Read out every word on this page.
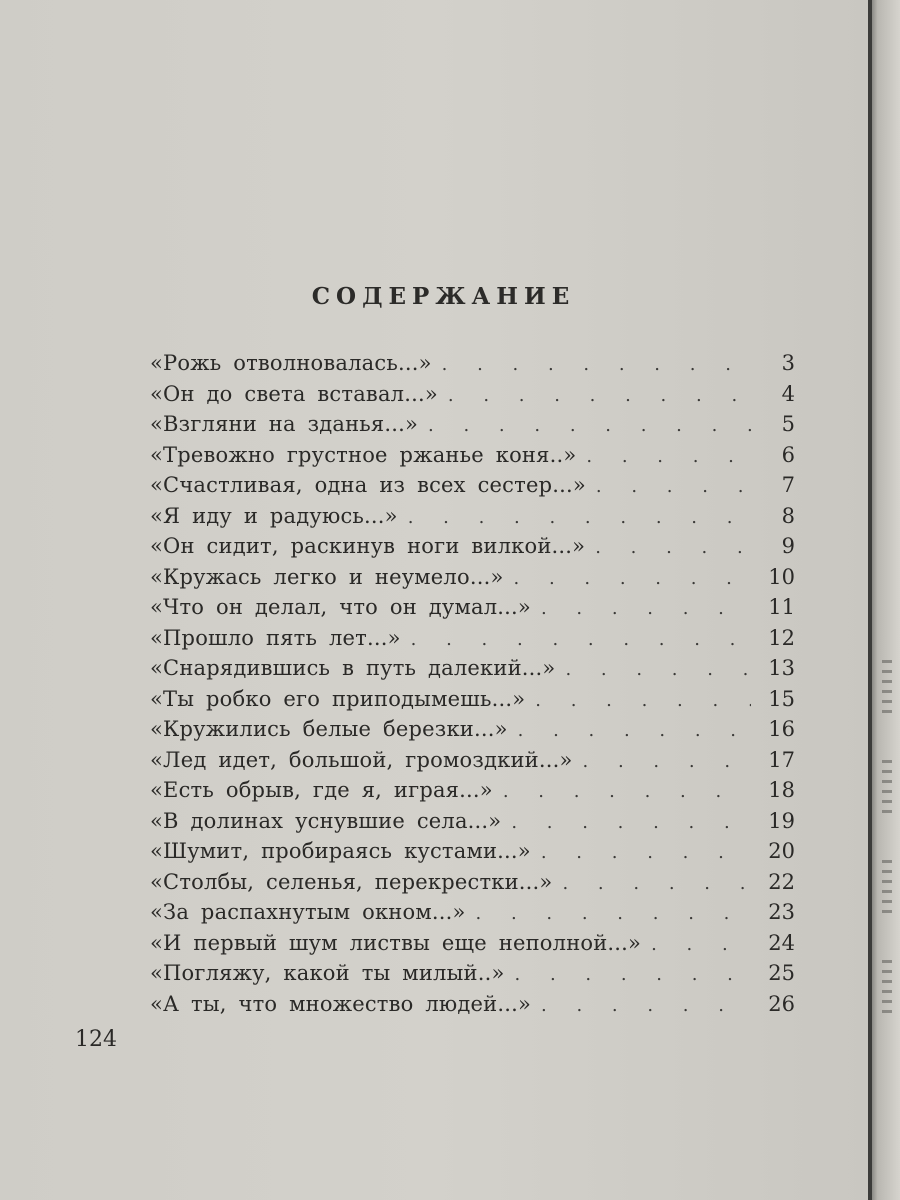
СОДЕРЖАНИЕ
«Рожь отволновалась...» . . .	3
«Он до света вставал...» . . .	4
«Взгляни на зданья...» . . .	5
«Тревожно грустное ржанье коня..» . . .	6
«Счастливая, одна из всех сестер...» . . .	7
«Я иду и радуюсь...» . . .	8
«Он сидит, раскинув ноги вилкой...» . . .	9
«Кружась легко и неумело...» . . .	10
«Что он делал, что он думал...» . . .	11
«Прошло пять лет...» . . .	12
«Снарядившись в путь далекий...» . . .	13
«Ты робко его приподымешь...» . . .	15
«Кружились белые березки...» . . .	16
«Лед идет, большой, громоздкий...» . . .	17
«Есть обрыв, где я, играя...» . . .	18
«В долинах уснувшие села...» . . .	19
«Шумит, пробираясь кустами...» . . .	20
«Столбы, селенья, перекрестки...» . . .	22
«За распахнутым окном...» . . .	23
«И первый шум листвы еще неполной...» . . .	24
«Погляжу, какой ты милый..» . . .	25
«А ты, что множество людей...» . . .	26

124
